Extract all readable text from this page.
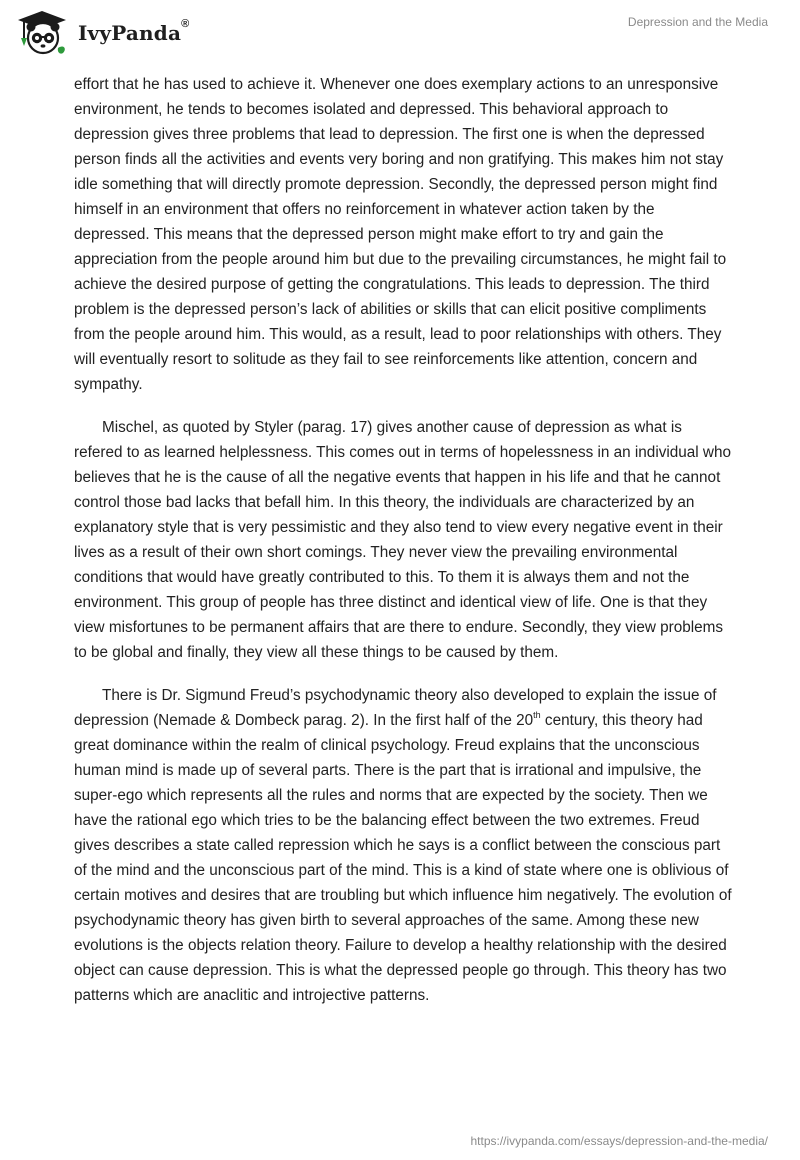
IvyPanda®	Depression and the Media

effort that he has used to achieve it. Whenever one does exemplary actions to an unresponsive environment, he tends to becomes isolated and depressed. This behavioral approach to depression gives three problems that lead to depression. The first one is when the depressed person finds all the activities and events very boring and non gratifying. This makes him not stay idle something that will directly promote depression. Secondly, the depressed person might find himself in an environment that offers no reinforcement in whatever action taken by the depressed. This means that the depressed person might make effort to try and gain the appreciation from the people around him but due to the prevailing circumstances, he might fail to achieve the desired purpose of getting the congratulations. This leads to depression. The third problem is the depressed person’s lack of abilities or skills that can elicit positive compliments from the people around him. This would, as a result, lead to poor relationships with others. They will eventually resort to solitude as they fail to see reinforcements like attention, concern and sympathy.

Mischel, as quoted by Styler (parag. 17) gives another cause of depression as what is refered to as learned helplessness. This comes out in terms of hopelessness in an individual who believes that he is the cause of all the negative events that happen in his life and that he cannot control those bad lacks that befall him. In this theory, the individuals are characterized by an explanatory style that is very pessimistic and they also tend to view every negative event in their lives as a result of their own short comings. They never view the prevailing environmental conditions that would have greatly contributed to this. To them it is always them and not the environment. This group of people has three distinct and identical view of life. One is that they view misfortunes to be permanent affairs that are there to endure. Secondly, they view problems to be global and finally, they view all these things to be caused by them.

There is Dr. Sigmund Freud’s psychodynamic theory also developed to explain the issue of depression (Nemade & Dombeck parag. 2). In the first half of the 20th century, this theory had great dominance within the realm of clinical psychology. Freud explains that the unconscious human mind is made up of several parts. There is the part that is irrational and impulsive, the super-ego which represents all the rules and norms that are expected by the society. Then we have the rational ego which tries to be the balancing effect between the two extremes. Freud gives describes a state called repression which he says is a conflict between the conscious part of the mind and the unconscious part of the mind. This is a kind of state where one is oblivious of certain motives and desires that are troubling but which influence him negatively. The evolution of psychodynamic theory has given birth to several approaches of the same. Among these new evolutions is the objects relation theory. Failure to develop a healthy relationship with the desired object can cause depression. This is what the depressed people go through. This theory has two patterns which are anaclitic and introjective patterns.

https://ivypanda.com/essays/depression-and-the-media/
